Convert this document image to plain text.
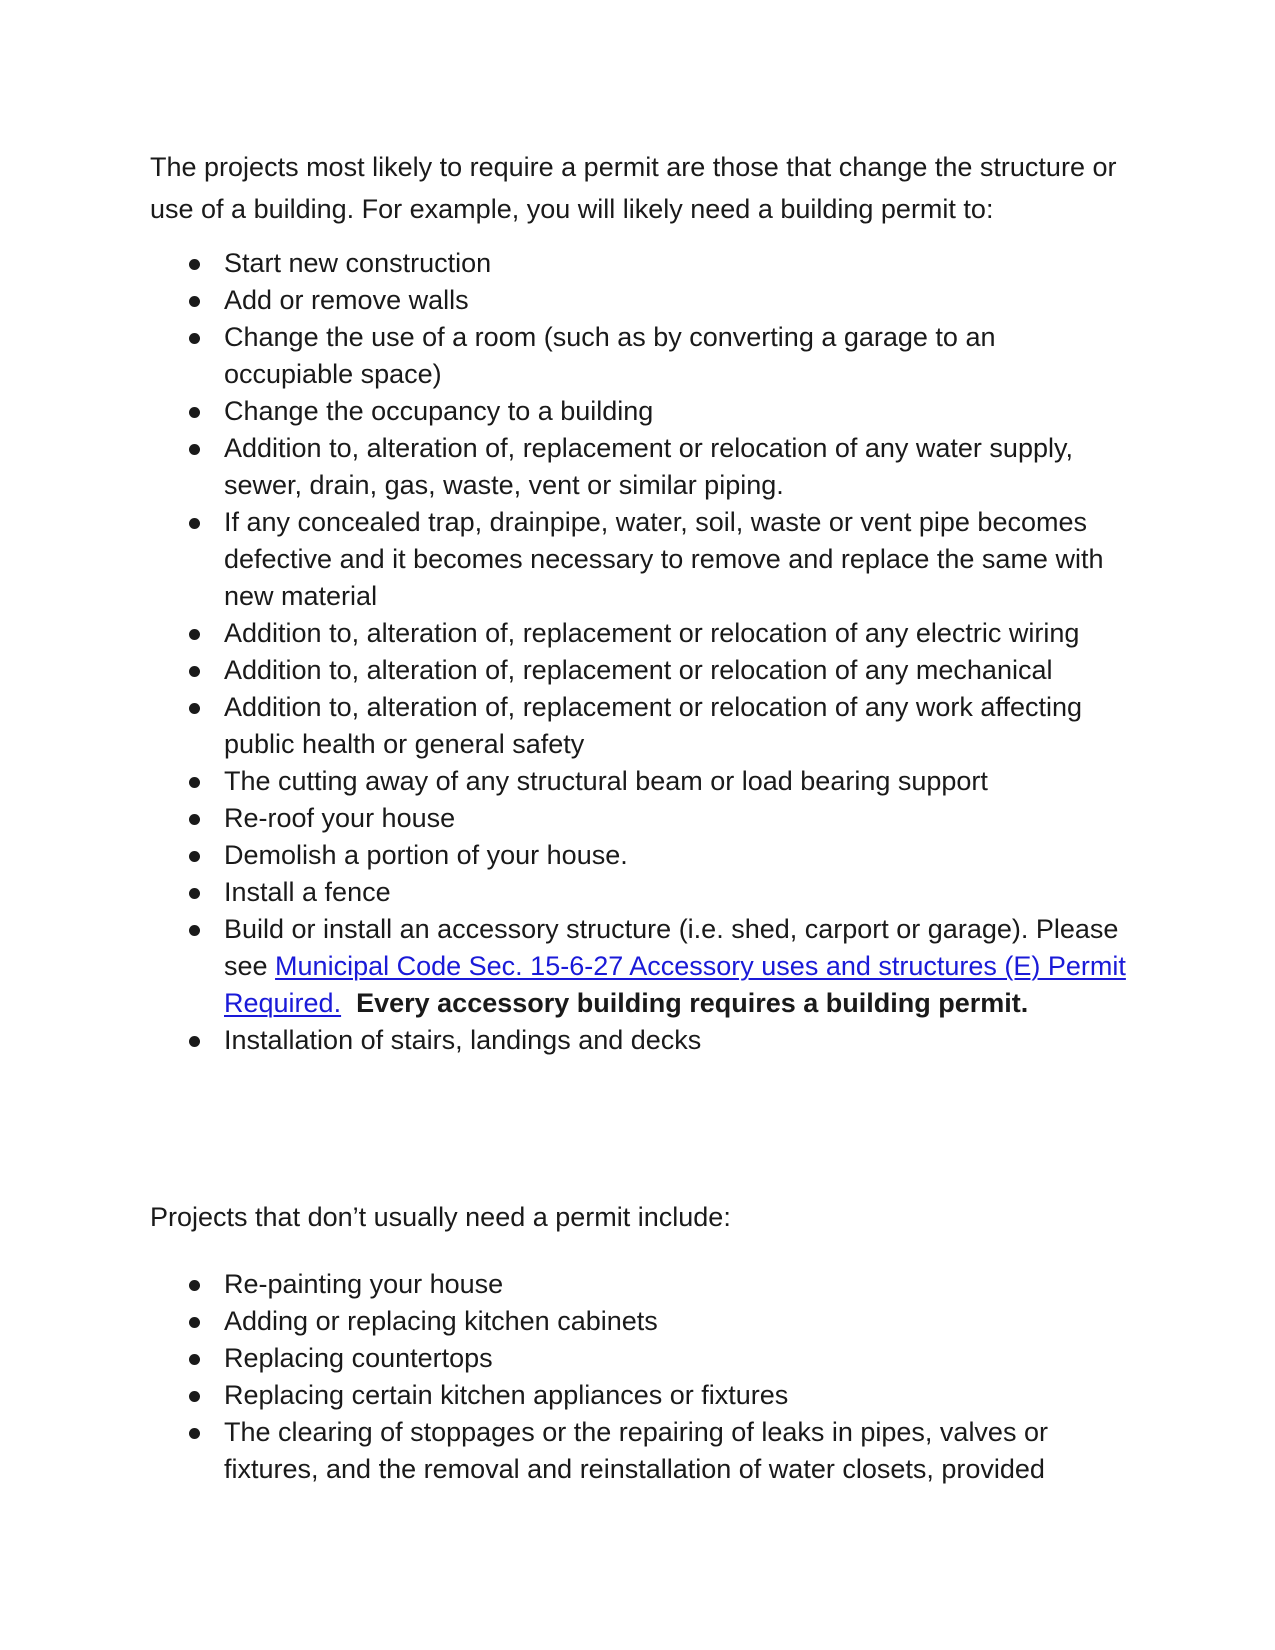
The projects most likely to require a permit are those that change the structure or use of a building. For example, you will likely need a building permit to:

Start new construction
Add or remove walls
Change the use of a room (such as by converting a garage to an occupiable space)
Change the occupancy to a building
Addition to, alteration of, replacement or relocation of any water supply, sewer, drain, gas, waste, vent or similar piping.
If any concealed trap, drainpipe, water, soil, waste or vent pipe becomes defective and it becomes necessary to remove and replace the same with new material
Addition to, alteration of, replacement or relocation of any electric wiring
Addition to, alteration of, replacement or relocation of any mechanical
Addition to, alteration of, replacement or relocation of any work affecting public health or general safety
The cutting away of any structural beam or load bearing support
Re-roof your house
Demolish a portion of your house.
Install a fence
Build or install an accessory structure (i.e. shed, carport or garage). Please see Municipal Code Sec. 15-6-27 Accessory uses and structures (E) Permit Required. Every accessory building requires a building permit.
Installation of stairs, landings and decks

Projects that don’t usually need a permit include:

Re-painting your house
Adding or replacing kitchen cabinets
Replacing countertops
Replacing certain kitchen appliances or fixtures
The clearing of stoppages or the repairing of leaks in pipes, valves or fixtures, and the removal and reinstallation of water closets, provided
